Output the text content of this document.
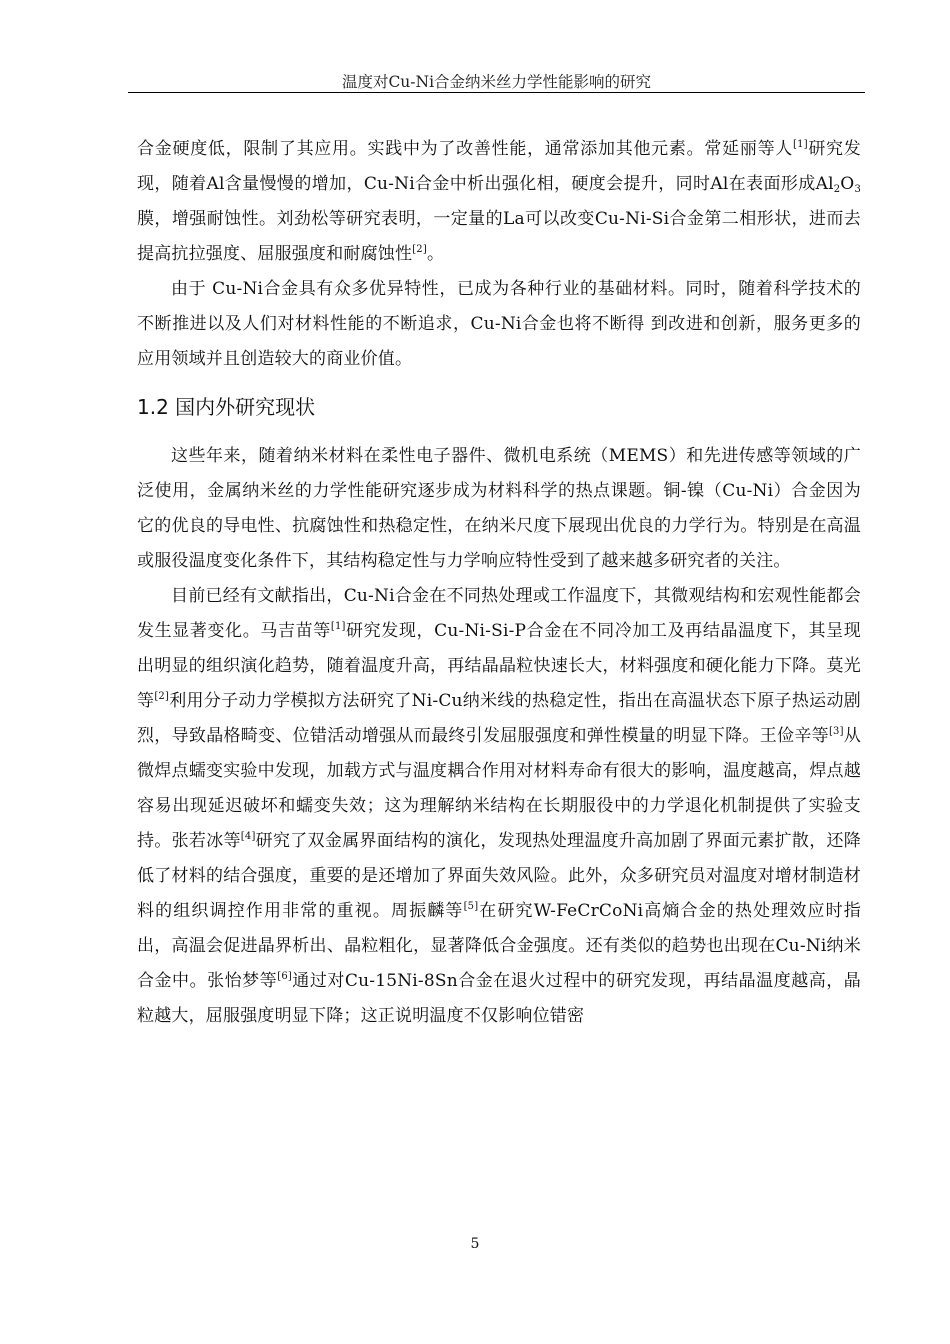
温度对Cu-Ni合金纳米丝力学性能影响的研究

合金硬度低，限制了其应用。实践中为了改善性能，通常添加其他元素。常延丽等人[1]研究发现，随着Al含量慢慢的增加，Cu-Ni合金中析出强化相，硬度会提升，同时Al在表面形成$Al_2O_3$膜，增强耐蚀性。刘劲松等研究表明，一定量的La可以改变Cu-Ni-Si合金第二相形状，进而去提高抗拉强度、屈服强度和耐腐蚀性[2]。

由于 Cu-Ni合金具有众多优异特性，已成为各种行业的基础材料。同时，随着科学技术的不断推进以及人们对材料性能的不断追求，Cu-Ni合金也将不断得 到改进和创新，服务更多的应用领域并且创造较大的商业价值。

1.2 国内外研究现状

这些年来，随着纳米材料在柔性电子器件、微机电系统（MEMS）和先进传感等领域的广泛使用，金属纳米丝的力学性能研究逐步成为材料科学的热点课题。铜-镍（Cu-Ni）合金因为它的优良的导电性、抗腐蚀性和热稳定性，在纳米尺度下展现出优良的力学行为。特别是在高温或服役温度变化条件下，其结构稳定性与力学响应特性受到了越来越多研究者的关注。

目前已经有文献指出，Cu-Ni合金在不同热处理或工作温度下，其微观结构和宏观性能都会发生显著变化。马吉苗等[1]研究发现，Cu-Ni-Si-P合金在不同冷加工及再结晶温度下，其呈现出明显的组织演化趋势，随着温度升高，再结晶晶粒快速长大，材料强度和硬化能力下降。莫光等[2]利用分子动力学模拟方法研究了Ni-Cu纳米线的热稳定性，指出在高温状态下原子热运动剧烈，导致晶格畸变、位错活动增强从而最终引发屈服强度和弹性模量的明显下降。王俭辛等[3]从微焊点蠕变实验中发现，加载方式与温度耦合作用对材料寿命有很大的影响，温度越高，焊点越容易出现延迟破坏和蠕变失效；这为理解纳米结构在长期服役中的力学退化机制提供了实验支持。张若冰等[4]研究了双金属界面结构的演化，发现热处理温度升高加剧了界面元素扩散，还降低了材料的结合强度，重要的是还增加了界面失效风险。此外，众多研究员对温度对增材制造材料的组织调控作用非常的重视。周振麟等[5]在研究W-FeCrCoNi高熵合金的热处理效应时指出，高温会促进晶界析出、晶粒粗化，显著降低合金强度。还有类似的趋势也出现在Cu-Ni纳米合金中。张怡梦等[6]通过对Cu-15Ni-8Sn合金在退火过程中的研究发现，再结晶温度越高，晶粒越大，屈服强度明显下降；这正说明温度不仅影响位错密

5
